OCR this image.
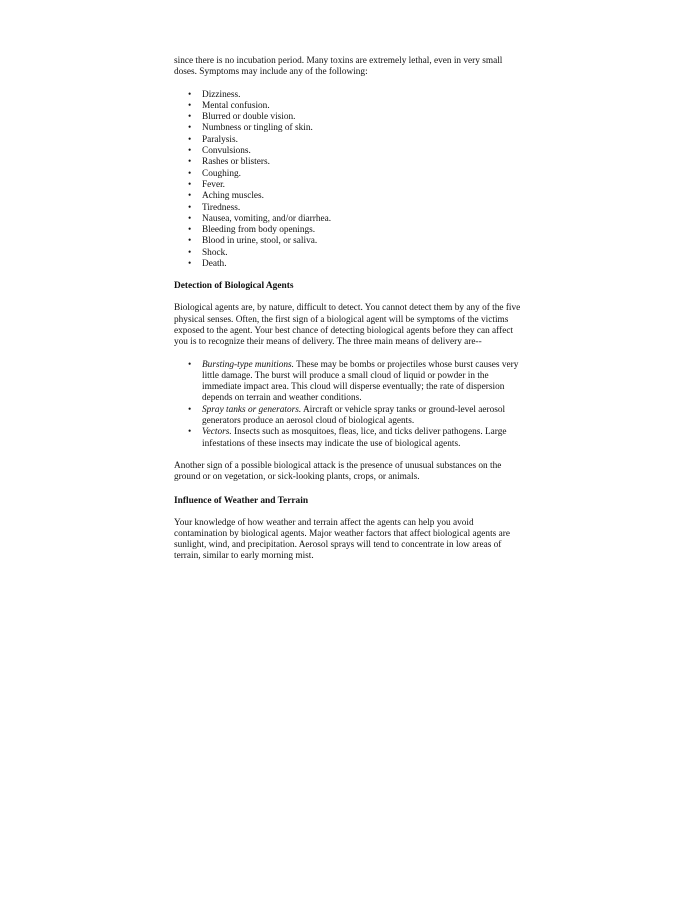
since there is no incubation period. Many toxins are extremely lethal, even in very small doses. Symptoms may include any of the following:

• Dizziness.
• Mental confusion.
• Blurred or double vision.
• Numbness or tingling of skin.
• Paralysis.
• Convulsions.
• Rashes or blisters.
• Coughing.
• Fever.
• Aching muscles.
• Tiredness.
• Nausea, vomiting, and/or diarrhea.
• Bleeding from body openings.
• Blood in urine, stool, or saliva.
• Shock.
• Death.
Detection of Biological Agents

Biological agents are, by nature, difficult to detect. You cannot detect them by any of the five physical senses. Often, the first sign of a biological agent will be symptoms of the victims exposed to the agent. Your best chance of detecting biological agents before they can affect you is to recognize their means of delivery. The three main means of delivery are--

• Bursting-type munitions. These may be bombs or projectiles whose burst causes very little damage. The burst will produce a small cloud of liquid or powder in the immediate impact area. This cloud will disperse eventually; the rate of dispersion depends on terrain and weather conditions.
• Spray tanks or generators. Aircraft or vehicle spray tanks or ground-level aerosol generators produce an aerosol cloud of biological agents.
• Vectors. Insects such as mosquitoes, fleas, lice, and ticks deliver pathogens. Large infestations of these insects may indicate the use of biological agents.

Another sign of a possible biological attack is the presence of unusual substances on the ground or on vegetation, or sick-looking plants, crops, or animals.

Influence of Weather and Terrain

Your knowledge of how weather and terrain affect the agents can help you avoid contamination by biological agents. Major weather factors that affect biological agents are sunlight, wind, and precipitation. Aerosol sprays will tend to concentrate in low areas of terrain, similar to early morning mist.
